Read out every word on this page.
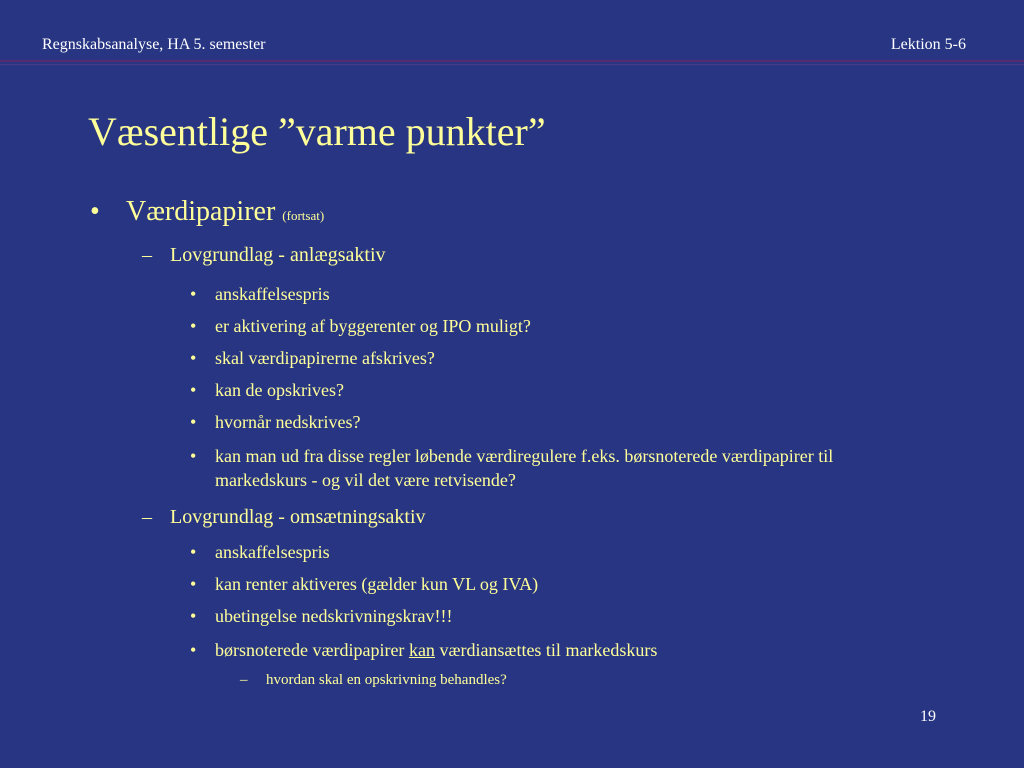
Regnskabsanalyse, HA 5. semester	Lektion 5-6
Væsentlige ”varme punkter”
• Værdipapirer (fortsat)
– Lovgrundlag - anlægsaktiv
• anskaffelsespris
• er aktivering af byggerenter og IPO muligt?
• skal værdipapirerne afskrives?
• kan de opskrives?
• hvornår nedskrives?
• kan man ud fra disse regler løbende værdiregulere f.eks. børsnoterede værdipapirer til markedskurs - og vil det være retvisende?
– Lovgrundlag - omsætningsaktiv
• anskaffelsespris
• kan renter aktiveres (gælder kun VL og IVA)
• ubetingelse nedskrivningskrav!!!
• børsnoterede værdipapirer kan værdiansættes til markedskurs
– hvordan skal en opskrivning behandles?
19
